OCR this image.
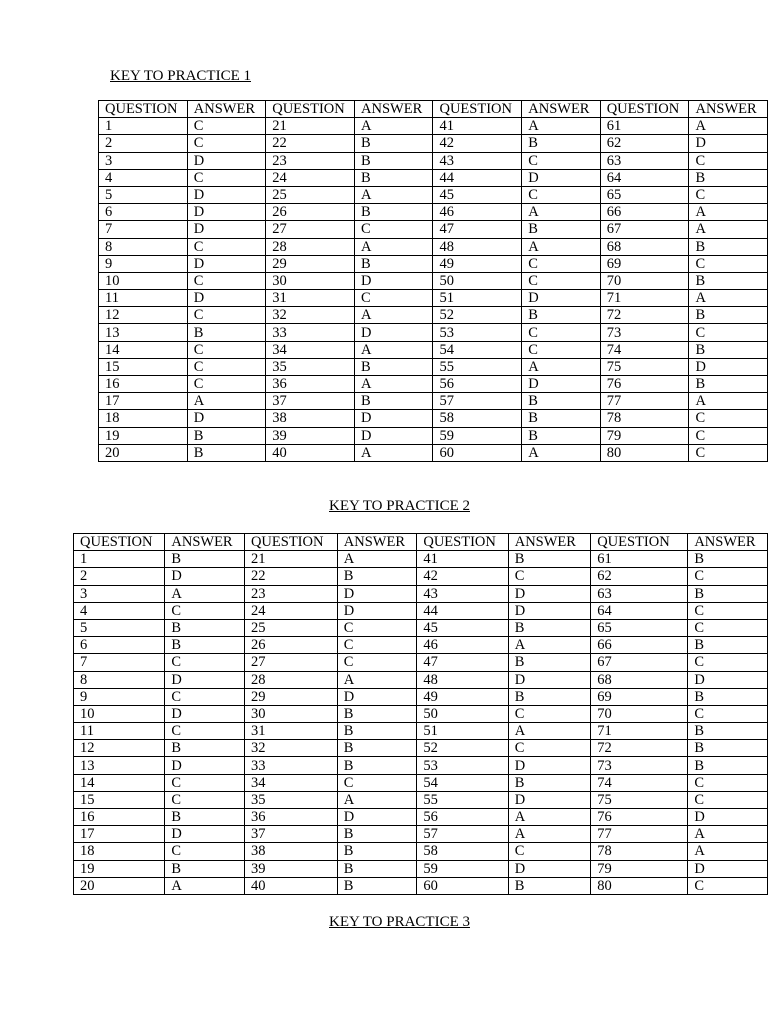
KEY TO PRACTICE 1
QUESTION	ANSWER	QUESTION	ANSWER	QUESTION	ANSWER	QUESTION	ANSWER
1	C	21	A	41	A	61	A
2	C	22	B	42	B	62	D
3	D	23	B	43	C	63	C
4	C	24	B	44	D	64	B
5	D	25	A	45	C	65	C
6	D	26	B	46	A	66	A
7	D	27	C	47	B	67	A
8	C	28	A	48	A	68	B
9	D	29	B	49	C	69	C
10	C	30	D	50	C	70	B
11	D	31	C	51	D	71	A
12	C	32	A	52	B	72	B
13	B	33	D	53	C	73	C
14	C	34	A	54	C	74	B
15	C	35	B	55	A	75	D
16	C	36	A	56	D	76	B
17	A	37	B	57	B	77	A
18	D	38	D	58	B	78	C
19	B	39	D	59	B	79	C
20	B	40	A	60	A	80	C
KEY TO PRACTICE 2
QUESTION	ANSWER	QUESTION	ANSWER	QUESTION	ANSWER	QUESTION	ANSWER
1	B	21	A	41	B	61	B
2	D	22	B	42	C	62	C
3	A	23	D	43	D	63	B
4	C	24	D	44	D	64	C
5	B	25	C	45	B	65	C
6	B	26	C	46	A	66	B
7	C	27	C	47	B	67	C
8	D	28	A	48	D	68	D
9	C	29	D	49	B	69	B
10	D	30	B	50	C	70	C
11	C	31	B	51	A	71	B
12	B	32	B	52	C	72	B
13	D	33	B	53	D	73	B
14	C	34	C	54	B	74	C
15	C	35	A	55	D	75	C
16	B	36	D	56	A	76	D
17	D	37	B	57	A	77	A
18	C	38	B	58	C	78	A
19	B	39	B	59	D	79	D
20	A	40	B	60	B	80	C
KEY TO PRACTICE 3
